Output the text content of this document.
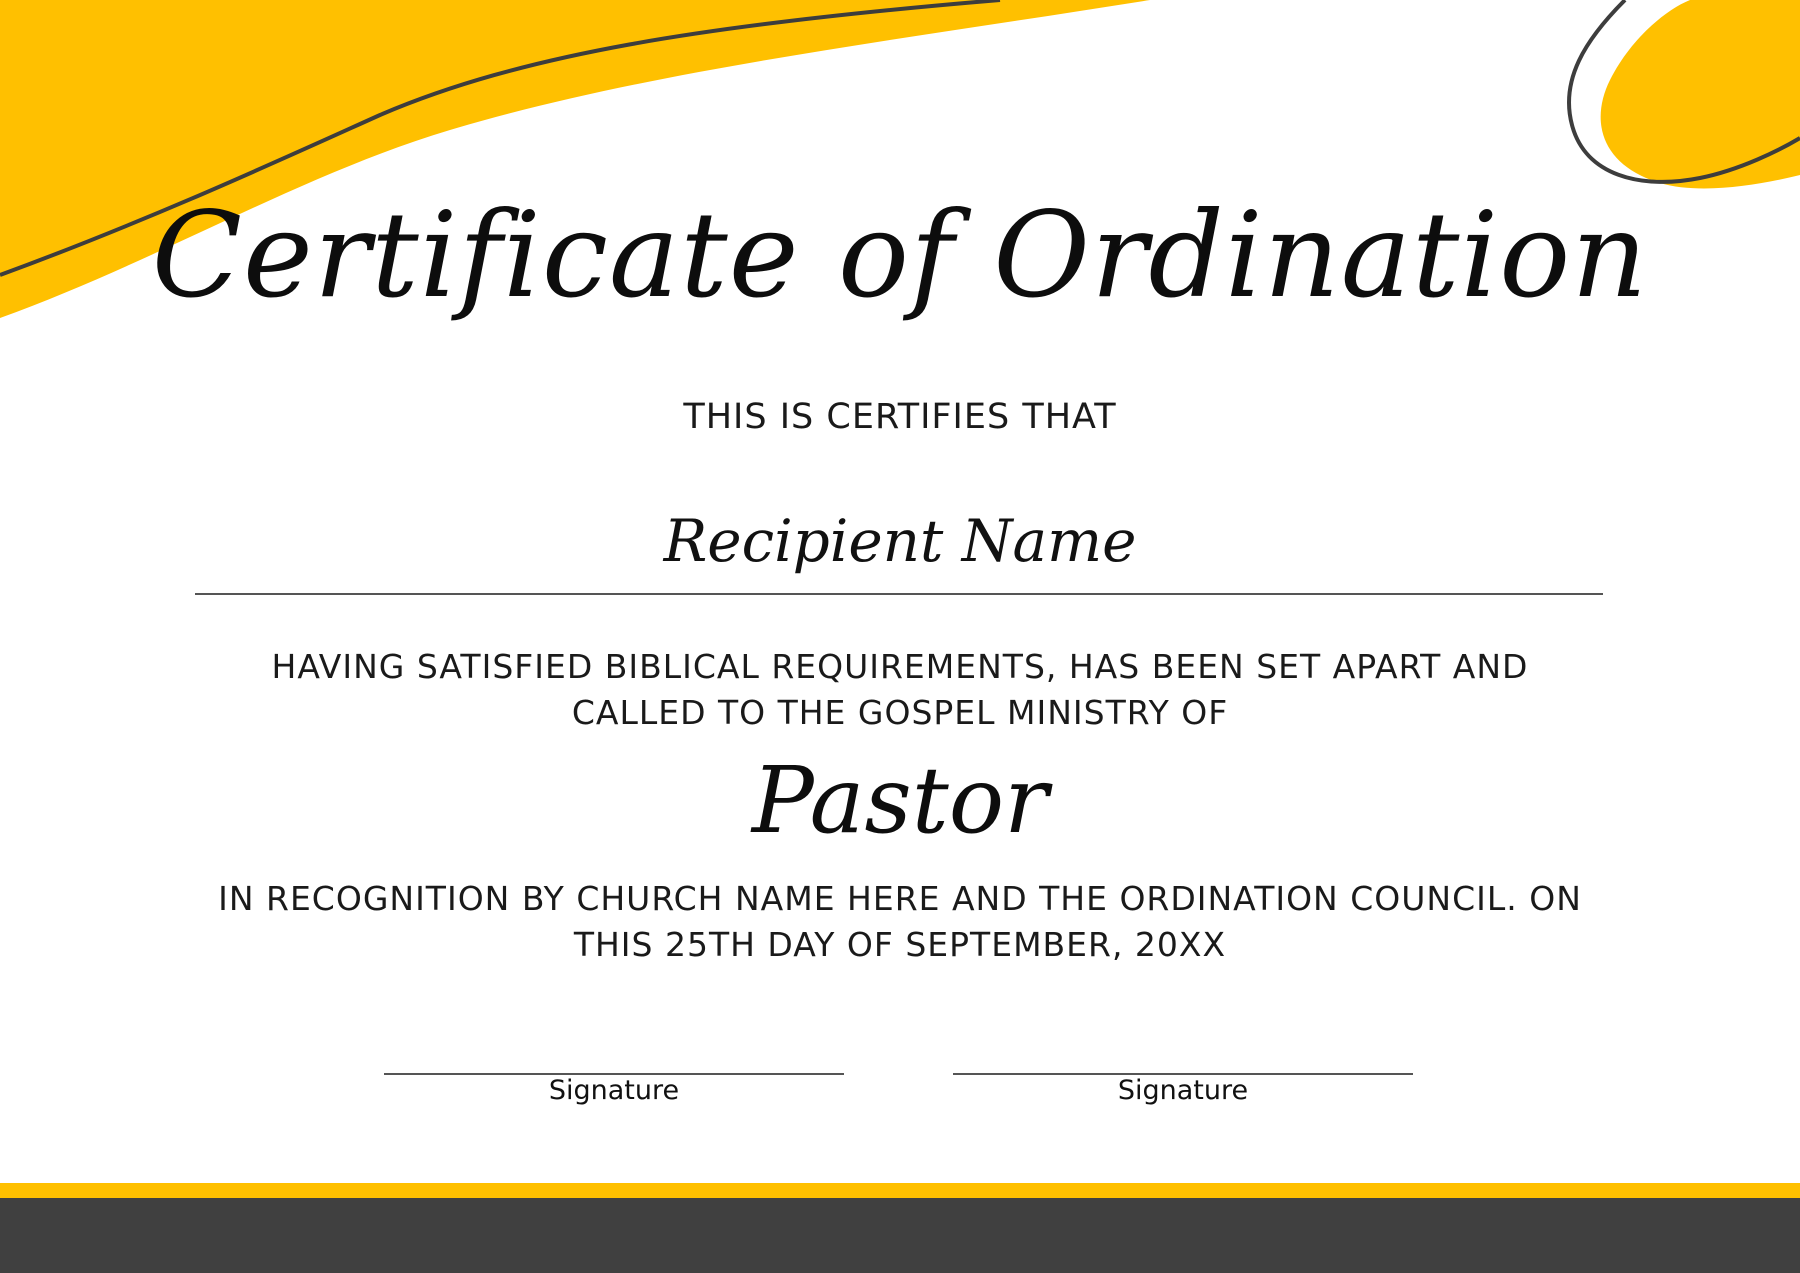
Certificate of Ordination
THIS IS CERTIFIES THAT
Recipient Name
HAVING SATISFIED BIBLICAL REQUIREMENTS, HAS BEEN SET APART AND
CALLED TO THE GOSPEL MINISTRY OF
Pastor
IN RECOGNITION BY CHURCH NAME HERE AND THE ORDINATION COUNCIL. ON
THIS 25TH DAY OF SEPTEMBER, 20XX
Signature	Signature
